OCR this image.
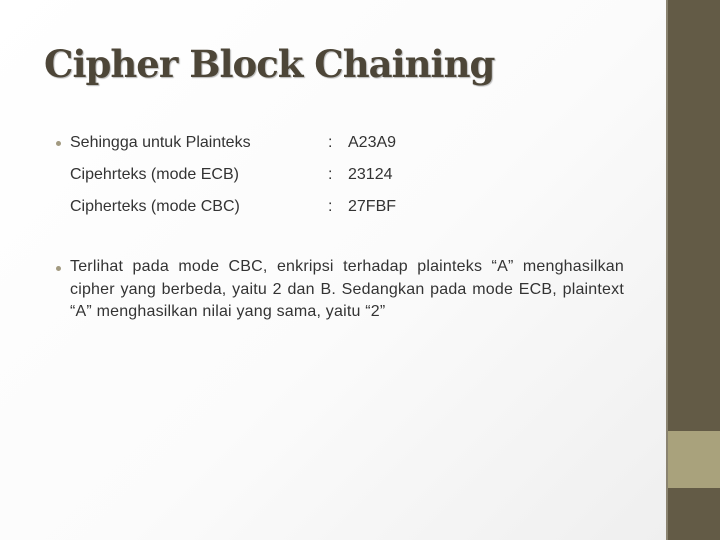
Cipher Block Chaining
Sehingga untuk Plainteks	: A23A9
Cipehrteks (mode ECB)	: 23124
Cipherteks (mode CBC)	: 27FBF
Terlihat pada mode CBC, enkripsi terhadap plainteks “A” menghasilkan cipher yang berbeda, yaitu 2 dan B. Sedangkan pada mode ECB, plaintext “A” menghasilkan nilai yang sama, yaitu “2”
